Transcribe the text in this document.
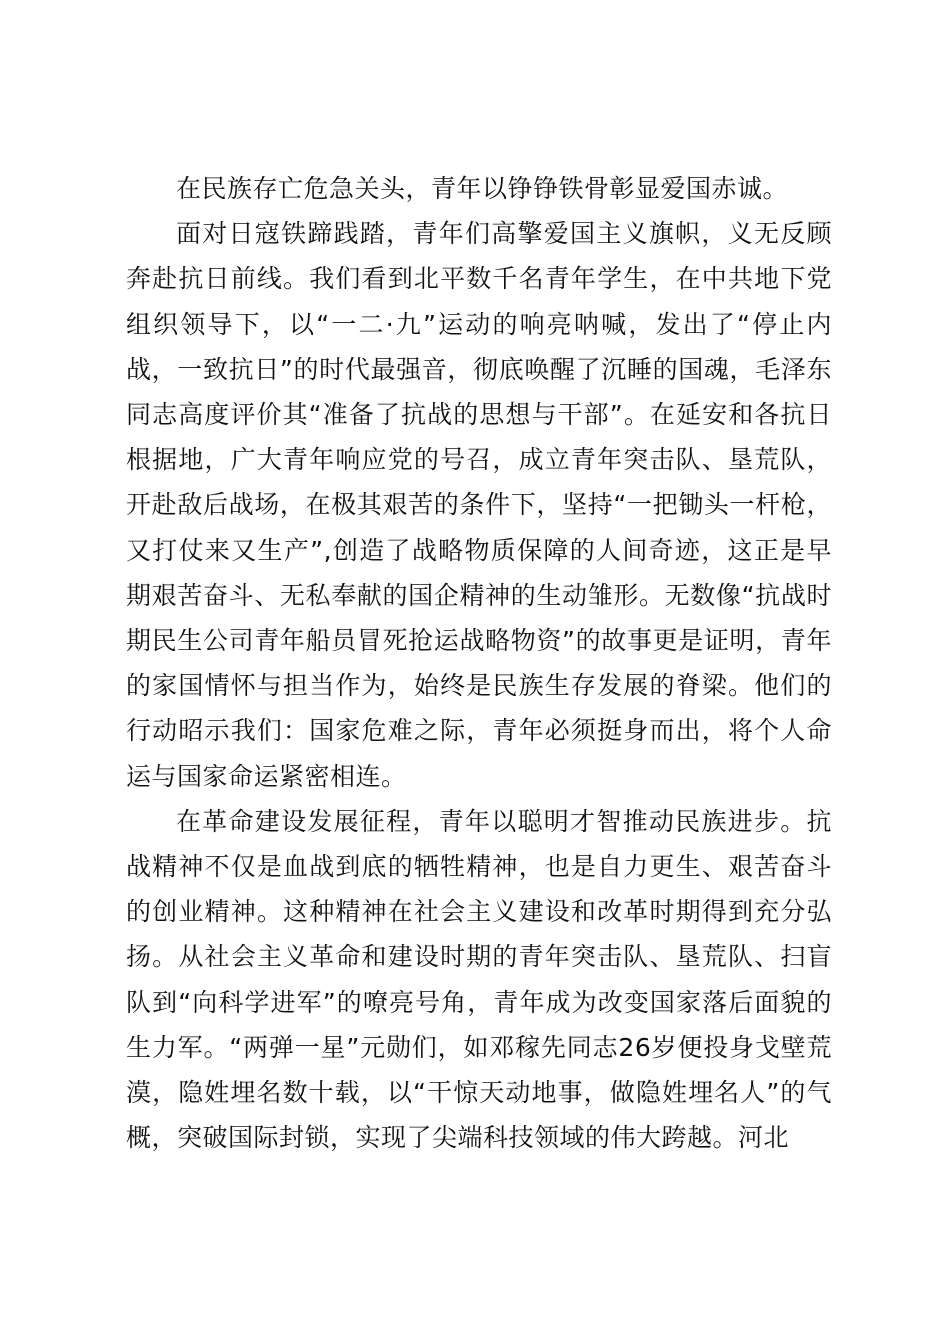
在民族存亡危急关头，青年以铮铮铁骨彰显爱国赤诚。

面对日寇铁蹄践踏，青年们高擎爱国主义旗帜，义无反顾奔赴抗日前线。我们看到北平数千名青年学生，在中共地下党组织领导下，以“一二·九”运动的响亮呐喊，发出了“停止内战，一致抗日”的时代最强音，彻底唤醒了沉睡的国魂，毛泽东同志高度评价其“准备了抗战的思想与干部”。在延安和各抗日根据地，广大青年响应党的号召，成立青年突击队、垦荒队，开赴敌后战场，在极其艰苦的条件下，坚持“一把锄头一杆枪，又打仗来又生产”,创造了战略物质保障的人间奇迹，这正是早期艰苦奋斗、无私奉献的国企精神的生动雏形。无数像“抗战时期民生公司青年船员冒死抢运战略物资”的故事更是证明，青年的家国情怀与担当作为，始终是民族生存发展的脊梁。他们的行动昭示我们：国家危难之际，青年必须挺身而出，将个人命运与国家命运紧密相连。

在革命建设发展征程，青年以聪明才智推动民族进步。抗战精神不仅是血战到底的牺牲精神，也是自力更生、艰苦奋斗的创业精神。这种精神在社会主义建设和改革时期得到充分弘扬。从社会主义革命和建设时期的青年突击队、垦荒队、扫盲队到“向科学进军”的嘹亮号角，青年成为改变国家落后面貌的生力军。“两弹一星”元勋们，如邓稼先同志26岁便投身戈壁荒漠，隐姓埋名数十载，以“干惊天动地事，做隐姓埋名人”的气概，突破国际封锁，实现了尖端科技领域的伟大跨越。河北
